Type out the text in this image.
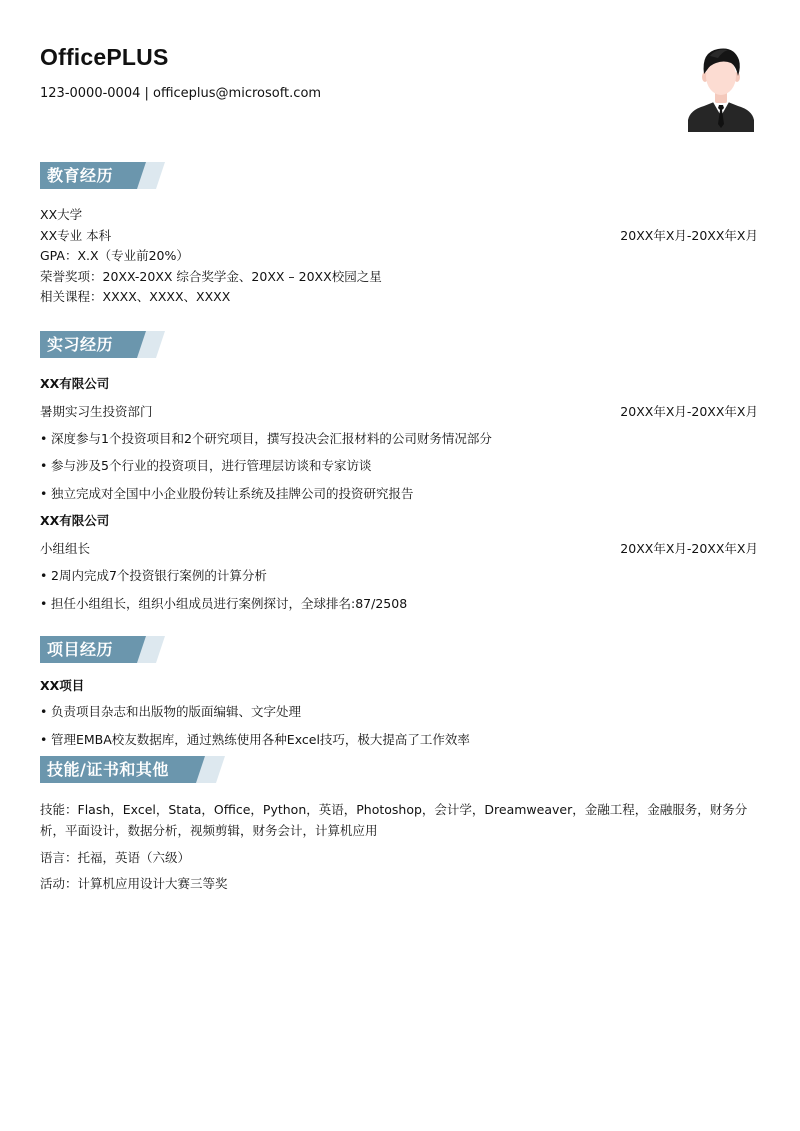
OfficePLUS
123-0000-0004 | officeplus@microsoft.com
教育经历
XX大学
XX专业 本科	20XX年X月-20XX年X月
GPA：X.X（专业前20%）
荣誉奖项：20XX-20XX 综合奖学金、20XX – 20XX校园之星
相关课程：XXXX、XXXX、XXXX
实习经历
XX有限公司
暑期实习生投资部门	20XX年X月-20XX年X月
• 深度参与1个投资项目和2个研究项目，撰写投决会汇报材料的公司财务情况部分
• 参与涉及5个行业的投资项目，进行管理层访谈和专家访谈
• 独立完成对全国中小企业股份转让系统及挂牌公司的投资研究报告
XX有限公司
小组组长	20XX年X月-20XX年X月
• 2周内完成7个投资银行案例的计算分析
• 担任小组组长，组织小组成员进行案例探讨，全球排名:87/2508
项目经历
XX项目
• 负责项目杂志和出版物的版面编辑、文字处理
• 管理EMBA校友数据库，通过熟练使用各种Excel技巧，极大提高了工作效率
技能/证书和其他
技能：Flash，Excel，Stata，Office，Python，英语，Photoshop，会计学，Dreamweaver，金融工程，金融服务，财务分析，平面设计，数据分析，视频剪辑，财务会计，计算机应用
语言：托福，英语（六级）
活动：计算机应用设计大赛三等奖
